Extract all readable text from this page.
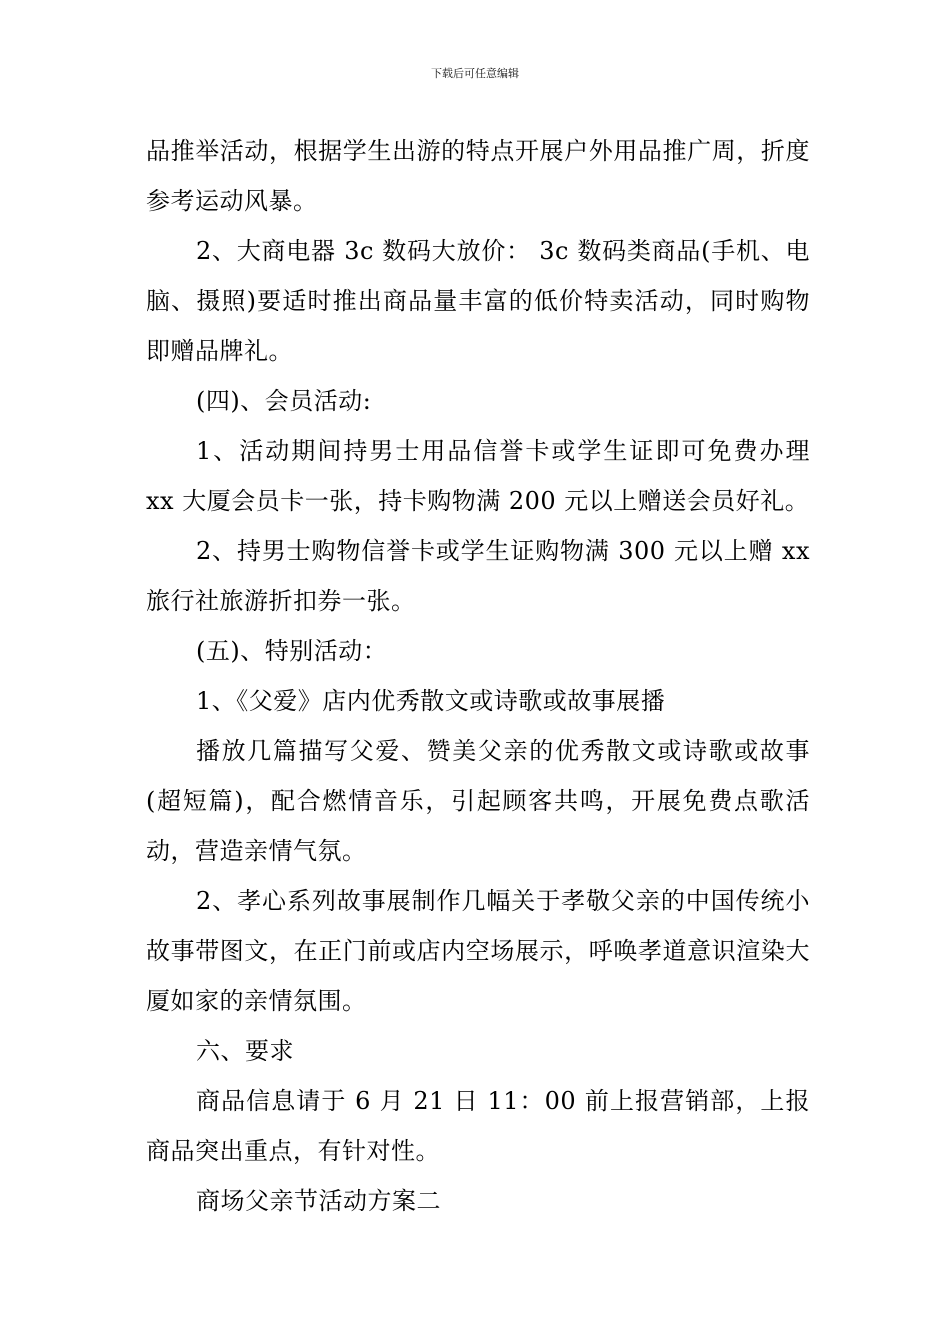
下载后可任意编辑

品推举活动，根据学生出游的特点开展户外用品推广周，折度参考运动风暴。

2、大商电器 3c 数码大放价： 3c 数码类商品(手机、电脑、摄照)要适时推出商品量丰富的低价特卖活动，同时购物即赠品牌礼。

(四)、会员活动:

1、活动期间持男士用品信誉卡或学生证即可免费办理 xx 大厦会员卡一张，持卡购物满 200 元以上赠送会员好礼。

2、持男士购物信誉卡或学生证购物满 300 元以上赠 xx 旅行社旅游折扣券一张。

(五)、特别活动：

1、《父爱》店内优秀散文或诗歌或故事展播

播放几篇描写父爱、赞美父亲的优秀散文或诗歌或故事(超短篇)，配合燃情音乐，引起顾客共鸣，开展免费点歌活动，营造亲情气氛。

2、孝心系列故事展制作几幅关于孝敬父亲的中国传统小故事带图文，在正门前或店内空场展示，呼唤孝道意识渲染大厦如家的亲情氛围。

六、要求

商品信息请于 6 月 21 日 11：00 前上报营销部，上报商品突出重点，有针对性。

商场父亲节活动方案二
